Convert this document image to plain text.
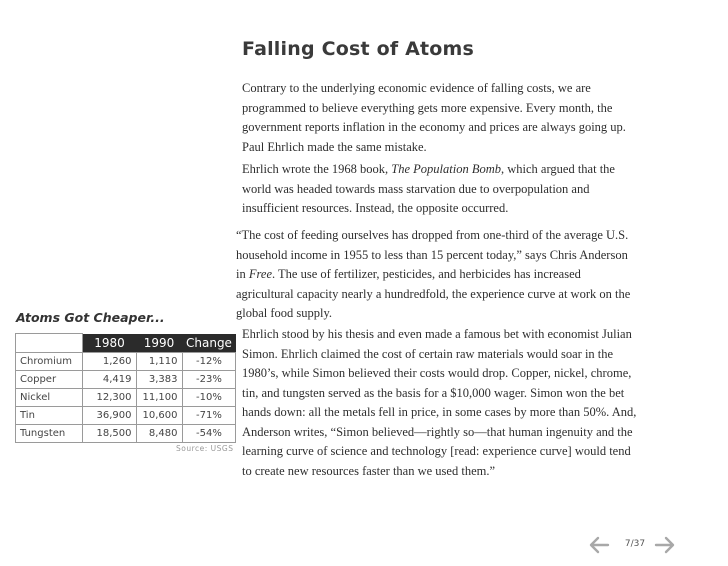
Falling Cost of Atoms
Contrary to the underlying economic evidence of falling costs, we are programmed to believe everything gets more expensive. Every month, the government reports inflation in the economy and prices are always going up. Paul Ehrlich made the same mistake.
Ehrlich wrote the 1968 book, The Population Bomb, which argued that the world was headed towards mass starvation due to overpopulation and insufficient resources. Instead, the opposite occurred.
“The cost of feeding ourselves has dropped from one-third of the average U.S. household income in 1955 to less than 15 percent today,” says Chris Anderson in Free. The use of fertilizer, pesticides, and herbicides has increased agricultural capacity nearly a hundredfold, the experience curve at work on the global food supply.
Ehrlich stood by his thesis and even made a famous bet with economist Julian Simon. Ehrlich claimed the cost of certain raw materials would soar in the 1980’s, while Simon believed their costs would drop. Copper, nickel, chrome, tin, and tungsten served as the basis for a $10,000 wager. Simon won the bet hands down: all the metals fell in price, in some cases by more than 50%. And, Anderson writes, “Simon believed—rightly so—that human ingenuity and the learning curve of science and technology [read: experience curve] would tend to create new resources faster than we used them.”
Atoms Got Cheaper...
	1980	1990	Change
Chromium	1,260	1,110	-12%
Copper	4,419	3,383	-23%
Nickel	12,300	11,100	-10%
Tin	36,900	10,600	-71%
Tungsten	18,500	8,480	-54%
Source: USGS
7/37
